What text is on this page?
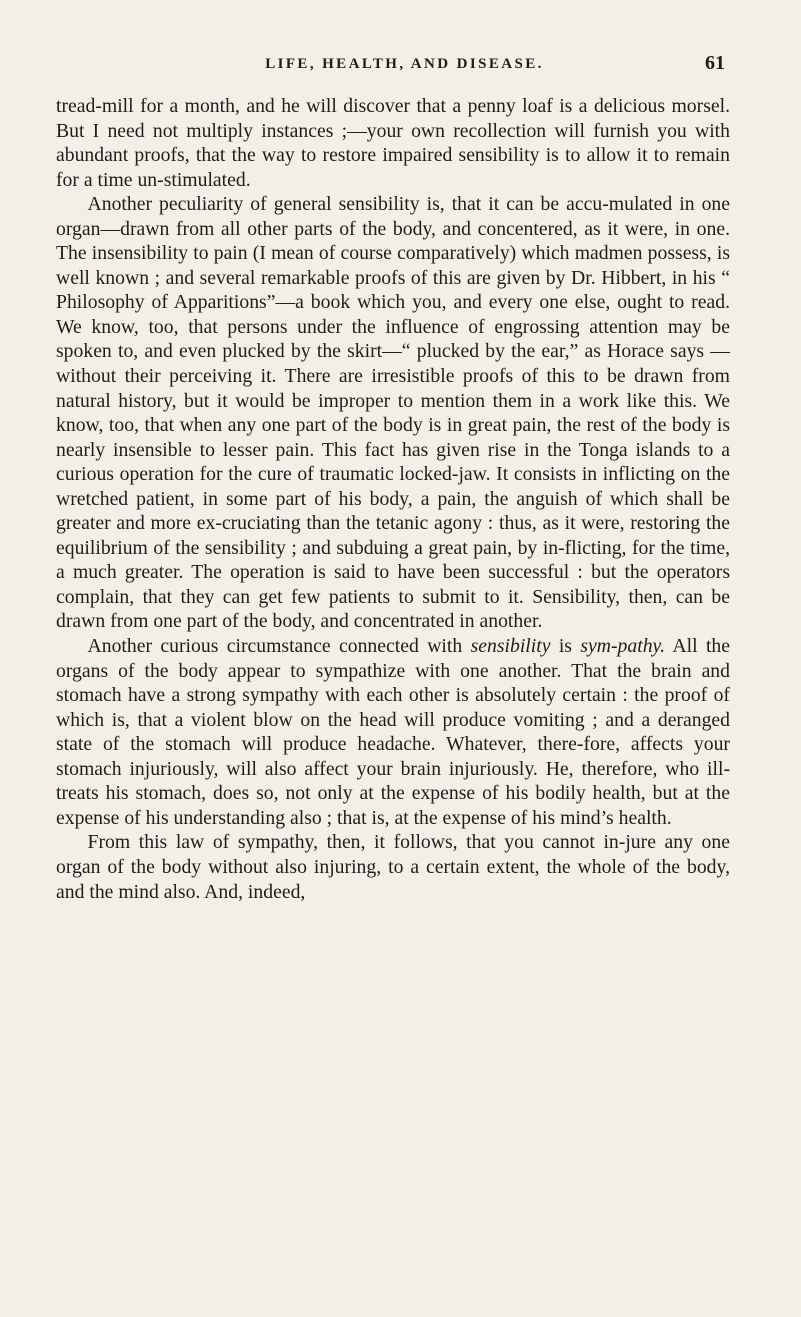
LIFE, HEALTH, AND DISEASE.	61

tread-mill for a month, and he will discover that a penny loaf is a delicious morsel. But I need not multiply instances ;—your own recollection will furnish you with abundant proofs, that the way to restore impaired sensibility is to allow it to remain for a time un-stimulated.

Another peculiarity of general sensibility is, that it can be accu-mulated in one organ—drawn from all other parts of the body, and concentered, as it were, in one. The insensibility to pain (I mean of course comparatively) which madmen possess, is well known ; and several remarkable proofs of this are given by Dr. Hibbert, in his “ Philosophy of Apparitions”—a book which you, and every one else, ought to read. We know, too, that persons under the influence of engrossing attention may be spoken to, and even plucked by the skirt—“ plucked by the ear,” as Horace says —without their perceiving it. There are irresistible proofs of this to be drawn from natural history, but it would be improper to mention them in a work like this. We know, too, that when any one part of the body is in great pain, the rest of the body is nearly insensible to lesser pain. This fact has given rise in the Tonga islands to a curious operation for the cure of traumatic locked-jaw. It consists in inflicting on the wretched patient, in some part of his body, a pain, the anguish of which shall be greater and more ex-cruciating than the tetanic agony : thus, as it were, restoring the equilibrium of the sensibility ; and subduing a great pain, by in-flicting, for the time, a much greater. The operation is said to have been successful : but the operators complain, that they can get few patients to submit to it. Sensibility, then, can be drawn from one part of the body, and concentrated in another.

Another curious circumstance connected with sensibility is sym-pathy. All the organs of the body appear to sympathize with one another. That the brain and stomach have a strong sympathy with each other is absolutely certain : the proof of which is, that a violent blow on the head will produce vomiting ; and a deranged state of the stomach will produce headache. Whatever, there-fore, affects your stomach injuriously, will also affect your brain injuriously. He, therefore, who ill-treats his stomach, does so, not only at the expense of his bodily health, but at the expense of his understanding also ; that is, at the expense of his mind’s health.

From this law of sympathy, then, it follows, that you cannot in-jure any one organ of the body without also injuring, to a certain extent, the whole of the body, and the mind also. And, indeed,
